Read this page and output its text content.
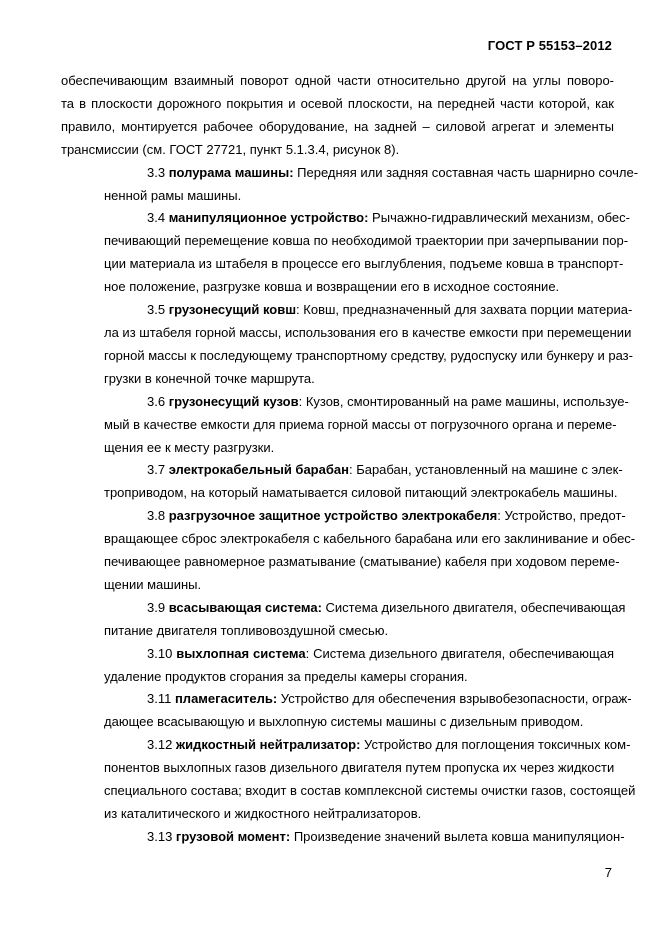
ГОСТ Р 55153–2012
обеспечивающим взаимный поворот одной части относительно другой на углы поворо-
та в плоскости дорожного покрытия и осевой плоскости, на передней части которой, как
правило, монтируется рабочее оборудование, на задней – силовой агрегат и элементы
трансмиссии (см. ГОСТ 27721, пункт 5.1.3.4, рисунок 8).
3.3 полурама машины: Передняя или задняя составная часть шарнирно сочле-
ненной рамы машины.
3.4 манипуляционное устройство: Рычажно-гидравлический механизм, обес-
печивающий перемещение ковша по необходимой траектории при зачерпывании пор-
ции материала из штабеля в процессе его выглубления, подъеме ковша в транспорт-
ное положение, разгрузке ковша и возвращении его в исходное состояние.
3.5 грузонесущий ковш: Ковш, предназначенный для захвата порции материа-
ла из штабеля горной массы, использования его в качестве емкости при перемещении
горной массы к последующему транспортному средству, рудоспуску или бункеру и раз-
грузки в конечной точке маршрута.
3.6 грузонесущий кузов: Кузов, смонтированный на раме машины, используе-
мый в качестве емкости для приема горной массы от погрузочного органа и переме-
щения ее к месту разгрузки.
3.7 электрокабельный барабан: Барабан, установленный на машине с элек-
троприводом, на который наматывается силовой питающий электрокабель машины.
3.8 разгрузочное защитное устройство электрокабеля: Устройство, предот-
вращающее сброс электрокабеля с кабельного барабана или его заклинивание и обес-
печивающее равномерное разматывание (сматывание) кабеля при ходовом переме-
щении машины.
3.9 всасывающая система: Система дизельного двигателя, обеспечивающая
питание двигателя топливовоздушной смесью.
3.10 выхлопная система: Система дизельного двигателя, обеспечивающая
удаление продуктов сгорания за пределы камеры сгорания.
3.11 пламегаситель: Устройство для обеспечения взрывобезопасности, ограж-
дающее всасывающую и выхлопную системы машины с дизельным приводом.
3.12 жидкостный нейтрализатор: Устройство для поглощения токсичных ком-
понентов выхлопных газов дизельного двигателя путем пропуска их через жидкости
специального состава; входит в состав комплексной системы очистки газов, состоящей
из каталитического и жидкостного нейтрализаторов.
3.13 грузовой момент: Произведение значений вылета ковша манипуляцион-
7
